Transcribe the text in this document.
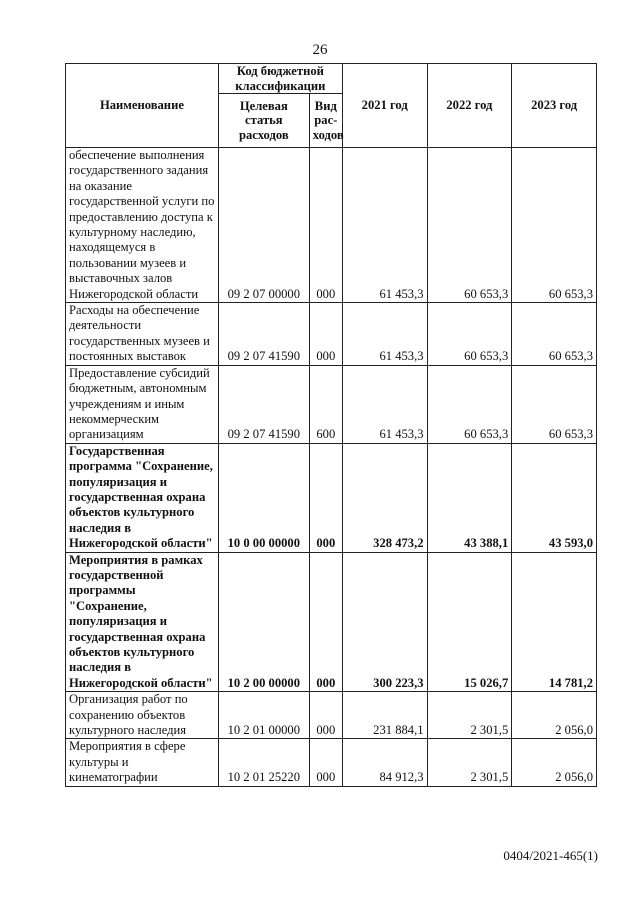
26
Наименование	Код бюджетной классификации		2021 год	2022 год	2023 год
	Целевая статья расходов	Вид рас-ходов			
обеспечение выполнения государственного задания на оказание государственной услуги по предоставлению доступа к культурному наследию, находящемуся в пользовании музеев и выставочных залов Нижегородской области	09 2 07 00000	000	61 453,3	60 653,3	60 653,3
Расходы на обеспечение деятельности государственных музеев и постоянных выставок	09 2 07 41590	000	61 453,3	60 653,3	60 653,3
Предоставление субсидий бюджетным, автономным учреждениям и иным некоммерческим организациям	09 2 07 41590	600	61 453,3	60 653,3	60 653,3
Государственная программа "Сохранение, популяризация и государственная охрана объектов культурного наследия в Нижегородской области"	10 0 00 00000	000	328 473,2	43 388,1	43 593,0
Мероприятия в рамках государственной программы "Сохранение, популяризация и государственная охрана объектов культурного наследия в Нижегородской области"	10 2 00 00000	000	300 223,3	15 026,7	14 781,2
Организация работ по сохранению объектов культурного наследия	10 2 01 00000	000	231 884,1	2 301,5	2 056,0
Мероприятия в сфере культуры и кинематографии	10 2 01 25220	000	84 912,3	2 301,5	2 056,0
0404/2021-465(1)
